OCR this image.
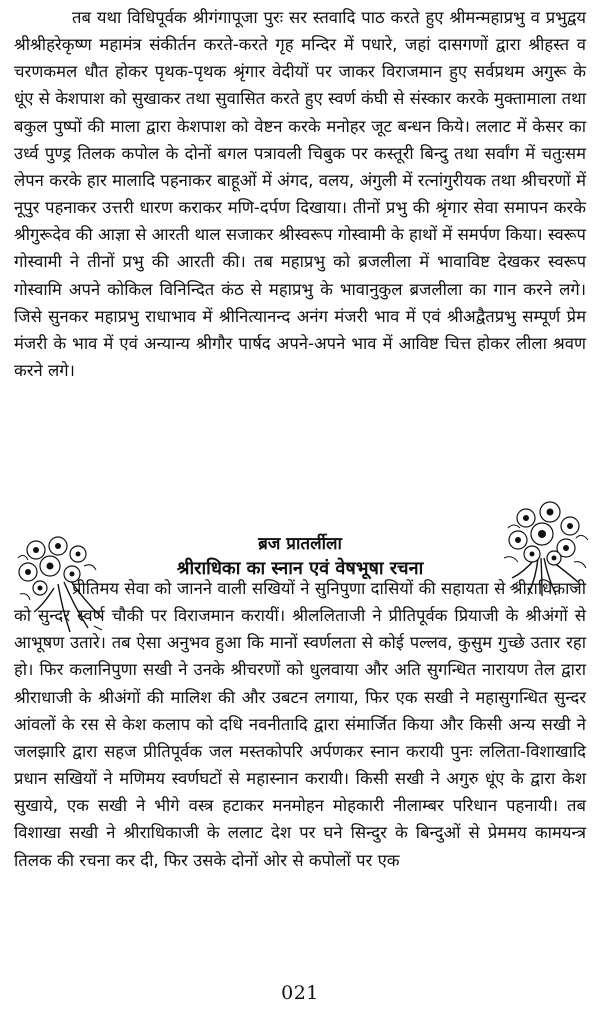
तब यथा विधिपूर्वक श्रीगंगापूजा पुरः सर स्तवादि पाठ करते हुए श्रीमन्महाप्रभु व प्रभुद्वय श्रीश्रीहरेकृष्ण महामंत्र संकीर्तन करते-करते गृह मन्दिर में पधारे, जहां दासगणों द्वारा श्रीहस्त व चरणकमल धौत होकर पृथक-पृथक श्रृंगार वेदीयों पर जाकर विराजमान हुए सर्वप्रथम अगुरू के धूंए से केशपाश को सुखाकर तथा सुवासित करते हुए स्वर्ण कंघी से संस्कार करके मुक्तामाला तथा बकुल पुष्पों की माला द्वारा केशपाश को वेष्टन करके मनोहर जूट बन्धन किये। ललाट में केसर का उर्ध्व पुण्ड्र तिलक कपोल के दोनों बगल पत्रावली चिबुक पर कस्तूरी बिन्दु तथा सर्वांग में चतुःसम लेपन करके हार मालादि पहनाकर बाहूओं में अंगद, वलय, अंगुली में रत्नांगुरीयक तथा श्रीचरणों में नूपुर पहनाकर उत्तरी धारण कराकर मणि-दर्पण दिखाया। तीनों प्रभु की श्रृंगार सेवा समापन करके श्रीगुरूदेव की आज्ञा से आरती थाल सजाकर श्रीस्वरूप गोस्वामी के हाथों में समर्पण किया। स्वरूप गोस्वामी ने तीनों प्रभु की आरती की। तब महाप्रभु को ब्रजलीला में भावाविष्ट देखकर स्वरूप गोस्वामि अपने कोकिल विनिन्दित कंठ से महाप्रभु के भावानुकुल ब्रजलीला का गान करने लगे। जिसे सुनकर महाप्रभु राधाभाव में श्रीनित्यानन्द अनंग मंजरी भाव में एवं श्रीअद्वैतप्रभु सम्पूर्ण प्रेम मंजरी के भाव में एवं अन्यान्य श्रीगौर पार्षद अपने-अपने भाव में आविष्ट चित्त होकर लीला श्रवण करने लगे।

ब्रज प्रातर्लीला
श्रीराधिका का स्नान एवं वेषभूषा रचना

प्रीतिमय सेवा को जानने वाली सखियों ने सुनिपुणा दासियों की सहायता से श्रीराधिकाजी को सुन्दर स्वर्ण चौकी पर विराजमान करायीं। श्रीललिताजी ने प्रीतिपूर्वक प्रियाजी के श्रीअंगों से आभूषण उतारे। तब ऐसा अनुभव हुआ कि मानों स्वर्णलता से कोई पल्लव, कुसुम गुच्छे उतार रहा हो। फिर कलानिपुणा सखी ने उनके श्रीचरणों को धुलवाया और अति सुगन्धित नारायण तेल द्वारा श्रीराधाजी के श्रीअंगों की मालिश की और उबटन लगाया, फिर एक सखी ने महासुगन्धित सुन्दर आंवलों के रस से केश कलाप को दधि नवनीतादि द्वारा संमार्जित किया और किसी अन्य सखी ने जलझारि द्वारा सहज प्रीतिपूर्वक जल मस्तकोपरि अर्पणकर स्नान करायी पुनः ललिता-विशाखादि प्रधान सखियों ने मणिमय स्वर्णघटों से महास्नान करायी। किसी सखी ने अगुरु धूंए के द्वारा केश सुखाये, एक सखी ने भीगे वस्त्र हटाकर मनमोहन मोहकारी नीलाम्बर परिधान पहनायी। तब विशाखा सखी ने श्रीराधिकाजी के ललाट देश पर घने सिन्दुर के बिन्दुओं से प्रेममय कामयन्त्र तिलक की रचना कर दी, फिर उसके दोनों ओर से कपोलों पर एक

021
